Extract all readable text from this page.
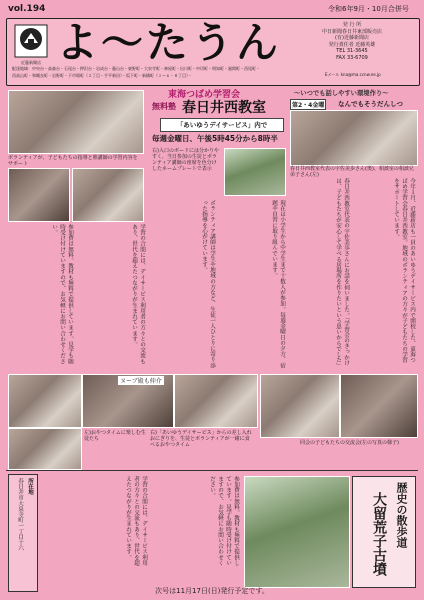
vol.194	令和6年9月・10月合併号
近藤新聞店 よ〜たうん	発 行 所
中日新聞春日井東部販売店
(有)近藤新聞店
発行責任者 近藤英雄
TEL 31-3645
FAX 33-6709
Eメール kna@ma.ccnw.ne.jp
配達地域：中央台・高森台・石尾台・押沢台・岩成台・藤山台・東野町・大泉寺町・神屋町・出川町・中切町・明知町・廻間町・西尾町・
西高山町・和爾良町・岩野町・下市場町（２丁目・手平新田）・坂下町・新橋町（１〜６・８丁目）・
東海つばめ学習会
無料塾 春日井西教室
「あいゆうデイサービス」内で
毎週金曜日、午後5時45分から8時半
〜いつでも話しやすい環境作り〜
第2・4金曜	なんでもそうだんしつ
ボランティアが、子どもたちの指導と塾講師の学習内容をサポート
右)入口のボードには分かりやすく、当日参加の生徒とボランティア講師の座席を色分けしたネームプレートで表示	春日井西教室代表の宇佐美歩さん(奥)、相談室の相談兄弟子さん(左)
今年１月、近藤新店も一員のあいゆうデイサービス内で開校した、東海つばめ学習会春日井西教室。地域のボランティアの方々が子どもたちの学習をサポートしています。
春日井西教室代表の宇佐美歩さんにお話を伺いました。「学習会のきっかけは、子どもたちが安心して学べる居場所を作りたいという思いからでした」
現在は小学生から中学生まで十数人が参加。毎週金曜日の夕方、宿題や自習に取り組んでいます。
ボランティア講師は学生や地域の方など、生徒一人ひとりに寄り添った指導を心がけています。
学習の合間には、デイサービス利用者の方々との交流もあり、世代を超えたつながりが生まれています。
参加費は無料。教材も無料で提供しています。見学も随時受け付けていますので、お気軽にお問い合わせください。
ヌーブ殿も仲介
左)おやつタイムに楽しむ生徒たち
右)「あいゆうデイサービス」からの差し入れおにぎりを、生徒とボランティアが一緒に食べるおやつタイム	同会の子どもたちの交流会(左の写真の様子)
所在地
春日井市大泉寺町一丁目十六	学習の合間には、デイサービス利用者の方々との交流もあり、世代を超えたつながりが生まれています。	参加費は無料。教材も無料で提供しています。見学も随時受け付けていますので、お気軽にお問い合わせください。	歴史の散歩道
大留荒子古墳
次号は11月17日(日)発行予定です。
